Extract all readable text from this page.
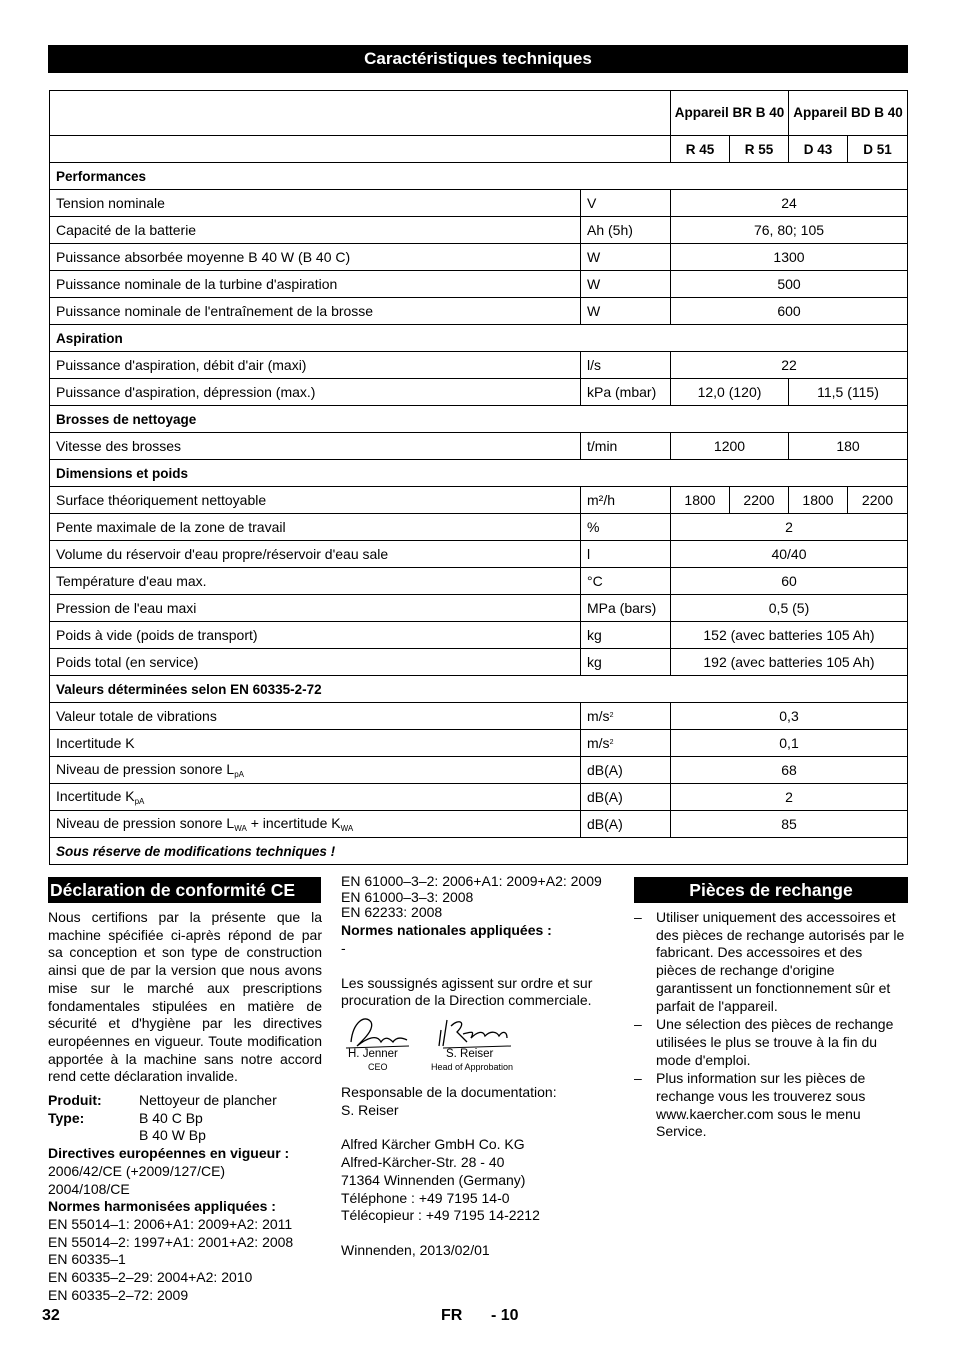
Caractéristiques techniques
		Appareil BR B 40		Appareil BD B 40	
		R 45	R 55	D 43	D 51
Performances					
Tension nominale	V	24			
Capacité de la batterie	Ah (5h)	76, 80; 105			
Puissance absorbée moyenne B 40 W (B 40 C)	W	1300			
Puissance nominale de la turbine d'aspiration	W	500			
Puissance nominale de l'entraînement de la brosse	W	600			
Aspiration					
Puissance d'aspiration, débit d'air (maxi)	l/s	22			
Puissance d'aspiration, dépression (max.)	kPa (mbar)	12,0 (120)		11,5 (115)	
Brosses de nettoyage					
Vitesse des brosses	t/min	1200		180	
Dimensions et poids					
Surface théoriquement nettoyable	m²/h	1800	2200	1800	2200
Pente maximale de la zone de travail	%	2			
Volume du réservoir d'eau propre/réservoir d'eau sale	l	40/40			
Température d'eau max.	°C	60			
Pression de l'eau maxi	MPa (bars)	0,5 (5)			
Poids à vide (poids de transport)	kg	152 (avec batteries 105 Ah)			
Poids total (en service)	kg	192 (avec batteries 105 Ah)			
Valeurs déterminées selon EN 60335-2-72					
Valeur totale de vibrations	$m/s^2$	0,3			
Incertitude K	$m/s^2$	0,1			
Niveau de pression sonore $L_{pA}$	dB(A)	68			
Incertitude $K_{pA}$	dB(A)	2			
Niveau de pression sonore $L_{WA}$ + incertitude $K_{WA}$	dB(A)	85			
Sous réserve de modifications techniques !					
Déclaration de conformité CE

Nous certifions par la présente que la machine spécifiée ci-après répond de par sa conception et son type de construction ainsi que de par la version que nous avons mise sur le marché aux prescriptions fondamentales stipulées en matière de sécurité et d'hygiène par les directives européennes en vigueur. Toute modification apportée à la machine sans notre accord rend cette déclaration invalide.

Produit:	Nettoyeur de plancher
Type:	B 40 C Bp
B 40 W Bp
Directives européennes en vigueur :
2006/42/CE (+2009/127/CE)
2004/108/CE
Normes harmonisées appliquées :
EN 55014–1: 2006+A1: 2009+A2: 2011
EN 55014–2: 1997+A1: 2001+A2: 2008
EN 60335–1
EN 60335–2–29: 2004+A2: 2010
EN 60335–2–72: 2009
EN 61000–3–2: 2006+A1: 2009+A2: 2009
EN 61000–3–3: 2008
EN 62233: 2008
Normes nationales appliquées :
-

Les soussignés agissent sur ordre et sur procuration de la Direction commerciale.

H. Jenner
CEO
S. Reiser
Head of Approbation
Responsable de la documentation:
S. Reiser
Alfred Kärcher GmbH Co. KG
Alfred-Kärcher-Str. 28 - 40
71364 Winnenden (Germany)
Téléphone : +49 7195 14-0
Télécopieur : +49 7195 14-2212
Winnenden, 2013/02/01
Pièces de rechange
– Utiliser uniquement des accessoires et des pièces de rechange autorisés par le fabricant. Des accessoires et des pièces de rechange d'origine garantissent un fonctionnement sûr et parfait de l'appareil.
– Une sélection des pièces de rechange utilisées le plus se trouve à la fin du mode d'emploi.
– Plus information sur les pièces de rechange vous les trouverez sous www.kaercher.com sous le menu Service.
32	FR - 10
